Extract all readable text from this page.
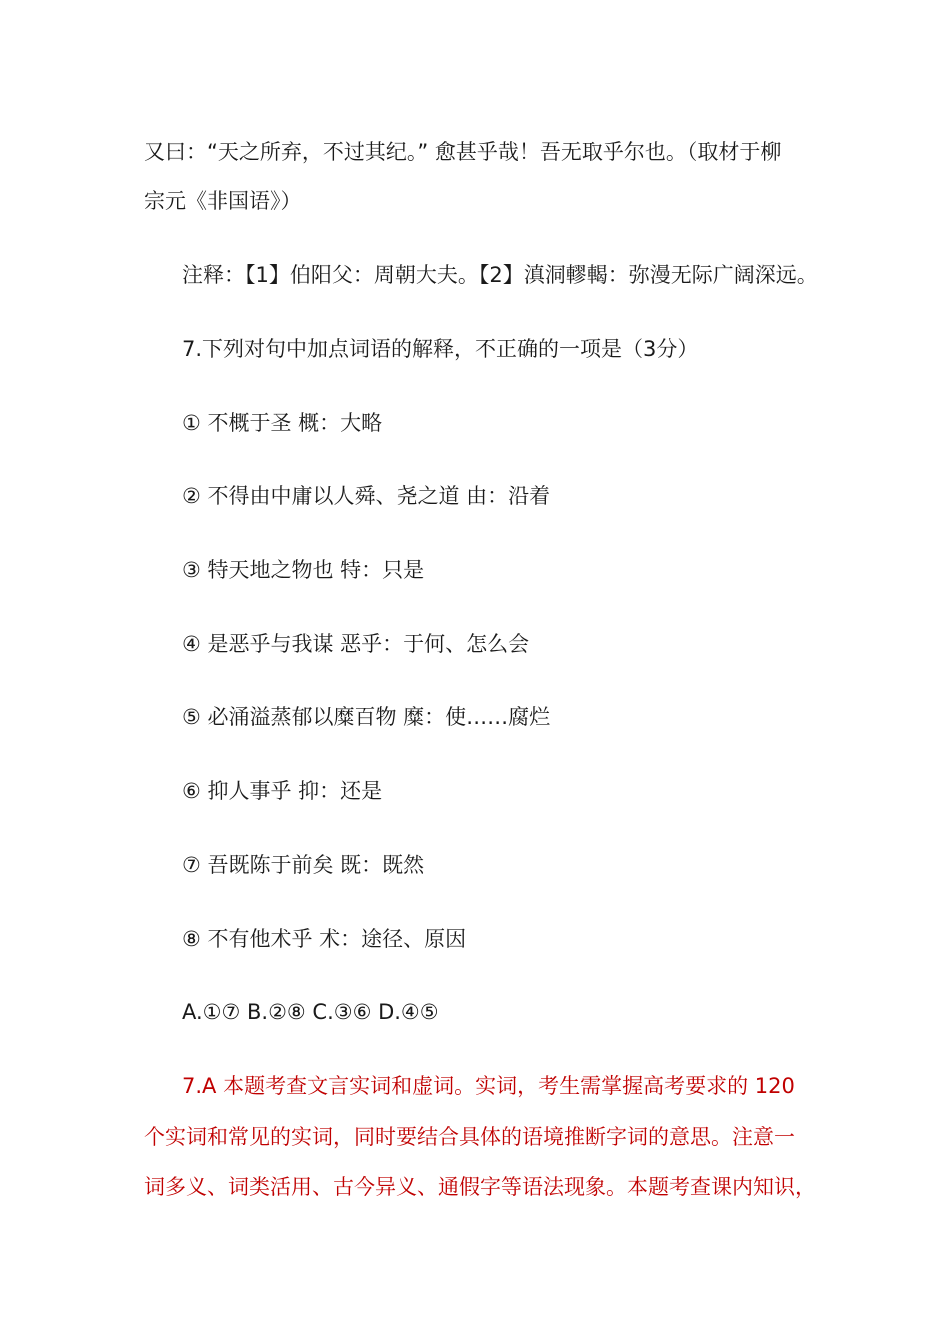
又曰：“天之所弃，不过其纪。” 愈甚乎哉！吾无取乎尔也。（取材于柳
宗元《非国语》）
注释：【1】伯阳父：周朝大夫。【2】滇洞轇輵：弥漫无际广阔深远。
7.下列对句中加点词语的解释，不正确的一项是（3分）
① 不概于圣 概：大略
② 不得由中庸以人舜、尧之道 由：沿着
③ 特天地之物也 特：只是
④ 是恶乎与我谋 恶乎：于何、怎么会
⑤ 必涌溢蒸郁以糜百物 糜：使……腐烂
⑥ 抑人事乎 抑：还是
⑦ 吾既陈于前矣 既：既然
⑧ 不有他术乎 术：途径、原因
A.①⑦ B.②⑧ C.③⑥ D.④⑤
7.A 本题考查文言实词和虚词。实词，考生需掌握高考要求的 120
个实词和常见的实词，同时要结合具体的语境推断字词的意思。注意一
词多义、词类活用、古今异义、通假字等语法现象。本题考查课内知识，
